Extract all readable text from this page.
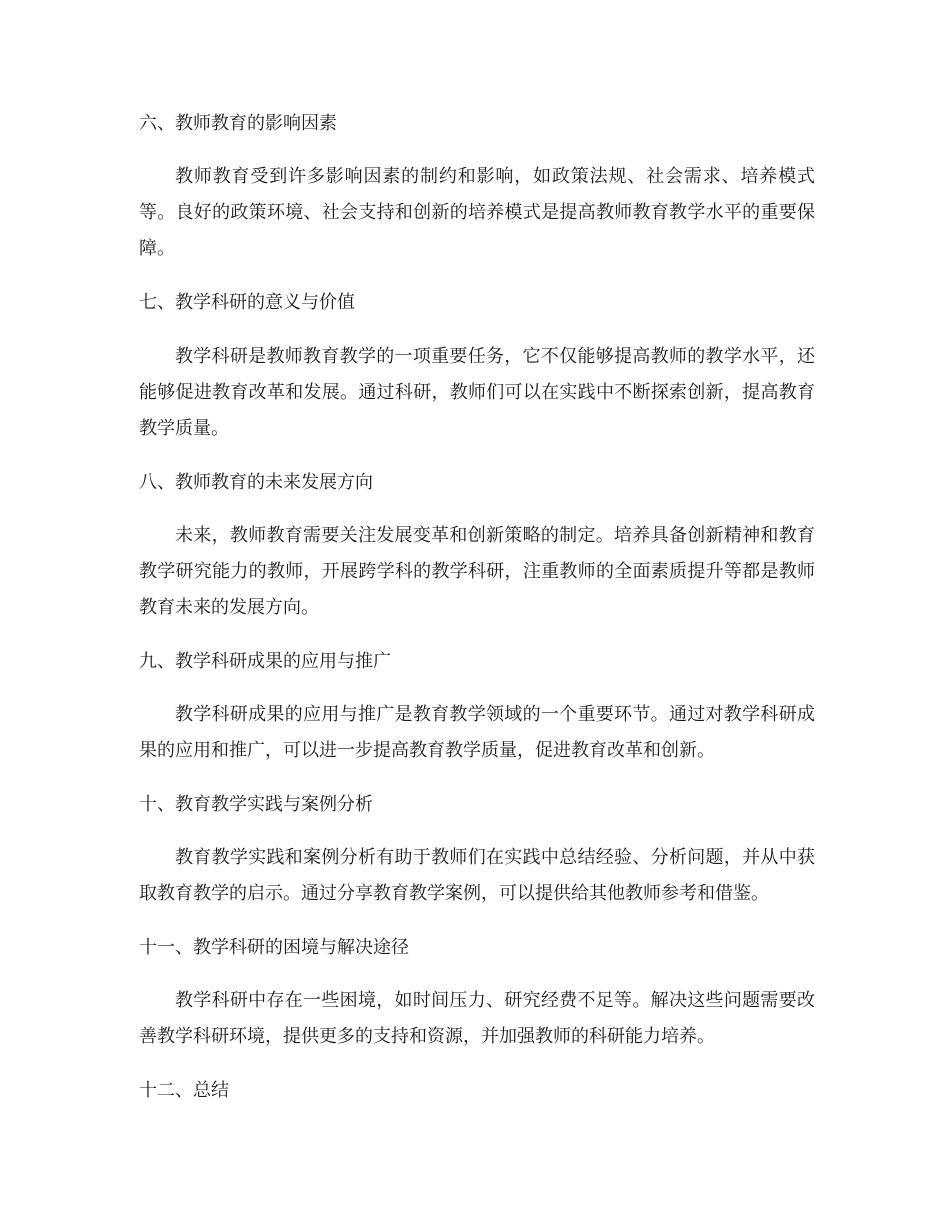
六、教师教育的影响因素

教师教育受到许多影响因素的制约和影响，如政策法规、社会需求、培养模式等。良好的政策环境、社会支持和创新的培养模式是提高教师教育教学水平的重要保障。

七、教学科研的意义与价值

教学科研是教师教育教学的一项重要任务，它不仅能够提高教师的教学水平，还能够促进教育改革和发展。通过科研，教师们可以在实践中不断探索创新，提高教育教学质量。

八、教师教育的未来发展方向

未来，教师教育需要关注发展变革和创新策略的制定。培养具备创新精神和教育教学研究能力的教师，开展跨学科的教学科研，注重教师的全面素质提升等都是教师教育未来的发展方向。

九、教学科研成果的应用与推广

教学科研成果的应用与推广是教育教学领域的一个重要环节。通过对教学科研成果的应用和推广，可以进一步提高教育教学质量，促进教育改革和创新。

十、教育教学实践与案例分析

教育教学实践和案例分析有助于教师们在实践中总结经验、分析问题，并从中获取教育教学的启示。通过分享教育教学案例，可以提供给其他教师参考和借鉴。

十一、教学科研的困境与解决途径

教学科研中存在一些困境，如时间压力、研究经费不足等。解决这些问题需要改善教学科研环境，提供更多的支持和资源，并加强教师的科研能力培养。

十二、总结
